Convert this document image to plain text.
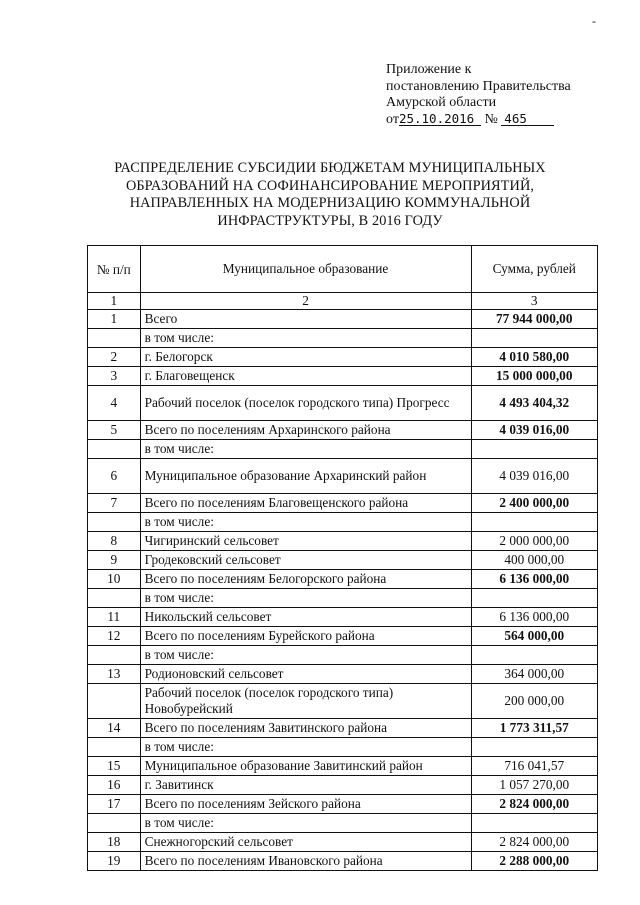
-
Приложение к
постановлению Правительства
Амурской области
от25.10.2016 № 465
РАСПРЕДЕЛЕНИЕ СУБСИДИИ БЮДЖЕТАМ МУНИЦИПАЛЬНЫХ ОБРАЗОВАНИЙ НА СОФИНАНСИРОВАНИЕ МЕРОПРИЯТИЙ, НАПРАВЛЕННЫХ НА МОДЕРНИЗАЦИЮ КОММУНАЛЬНОЙ ИНФРАСТРУКТУРЫ, В 2016 ГОДУ
№ п/п	Муниципальное образование	Сумма, рублей
1	2	3
1	Всего	77 944 000,00
	в том числе:	
2	г. Белогорск	4 010 580,00
3	г. Благовещенск	15 000 000,00
4	Рабочий поселок (поселок городского типа) Прогресс	4 493 404,32
5	Всего по поселениям Архаринского района	4 039 016,00
	в том числе:	
6	Муниципальное образование Архаринский район	4 039 016,00
7	Всего по поселениям Благовещенского района	2 400 000,00
	в том числе:	
8	Чигиринский сельсовет	2 000 000,00
9	Гродековский сельсовет	400 000,00
10	Всего по поселениям Белогорского района	6 136 000,00
	в том числе:	
11	Никольский сельсовет	6 136 000,00
12	Всего по поселениям Бурейского района	564 000,00
	в том числе:	
13	Родионовский сельсовет	364 000,00
	Рабочий поселок (поселок городского типа) Новобурейский	200 000,00
14	Всего по поселениям Завитинского района	1 773 311,57
	в том числе:	
15	Муниципальное образование Завитинский район	716 041,57
16	г. Завитинск	1 057 270,00
17	Всего по поселениям Зейского района	2 824 000,00
	в том числе:	
18	Снежногорский сельсовет	2 824 000,00
19	Всего по поселениям Ивановского района	2 288 000,00
